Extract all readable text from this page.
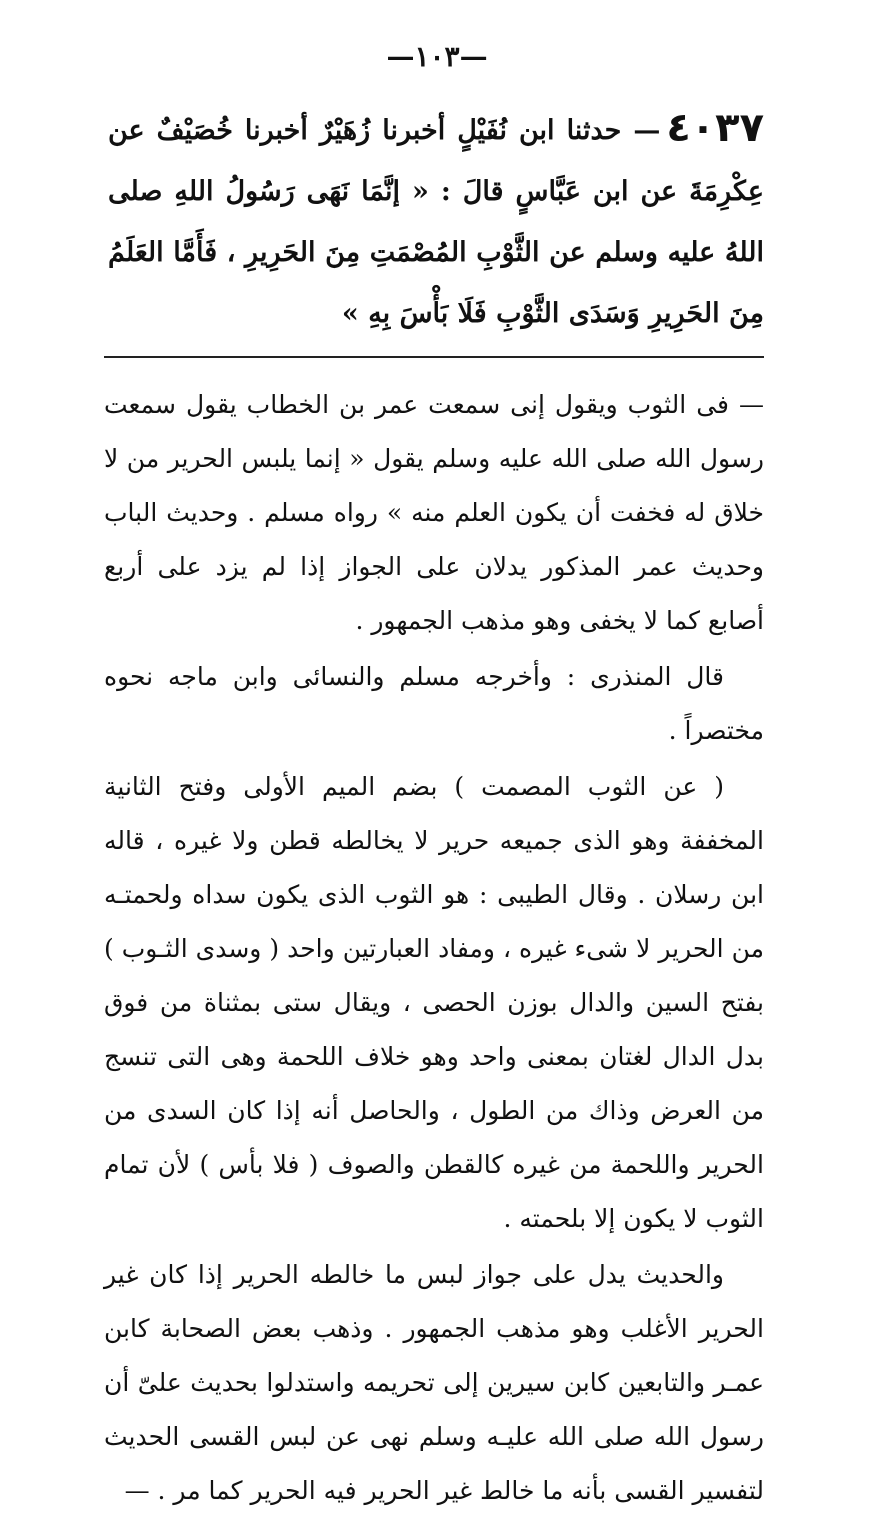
—١٠٣—
٤٠٣٧— حدثنا ابن نُفَيْلٍ أخبرنا زُهَيْرٌ أخبرنا خُصَيْفٌ عن عِكْرِمَةَ عن ابن عَبَّاسٍ قالَ : « إنَّمَا نَهَى رَسُولُ اللهِ صلى اللهُ عليه وسلم عن الثَّوْبِ المُصْمَتِ مِنَ الحَرِيرِ ، فَأَمَّا العَلَمُ مِنَ الحَرِيرِ وَسَدَى الثَّوْبِ فَلَا بَأْسَ بِهِ »

— فى الثوب ويقول إنى سمعت عمر بن الخطاب يقول سمعت رسول الله صلى الله عليه وسلم يقول « إنما يلبس الحرير من لا خلاق له فخفت أن يكون العلم منه » رواه مسلم . وحديث الباب وحديث عمر المذكور يدلان على الجواز إذا لم يزد على أربع أصابع كما لا يخفى وهو مذهب الجمهور .

قال المنذرى : وأخرجه مسلم والنسائى وابن ماجه نحوه مختصراً .

( عن الثوب المصمت ) بضم الميم الأولى وفتح الثانية المخففة وهو الذى جميعه حرير لا يخالطه قطن ولا غيره ، قاله ابن رسلان . وقال الطيبى : هو الثوب الذى يكون سداه ولحمتـه من الحرير لا شىء غيره ، ومفاد العبارتين واحد ( وسدى الثـوب ) بفتح السين والدال بوزن الحصى ، ويقال ستى بمثناة من فوق بدل الدال لغتان بمعنى واحد وهو خلاف اللحمة وهى التى تنسج من العرض وذاك من الطول ، والحاصل أنه إذا كان السدى من الحرير واللحمة من غيره كالقطن والصوف ( فلا بأس ) لأن تمام الثوب لا يكون إلا بلحمته .

والحديث يدل على جواز لبس ما خالطه الحرير إذا كان غير الحرير الأغلب وهو مذهب الجمهور . وذهب بعض الصحابة كابن عمـر والتابعين كابن سيرين إلى تحريمه واستدلوا بحديث علىّ أن رسول الله صلى الله عليـه وسلم نهى عن لبس القسى الحديث لتفسير القسى بأنه ما خالط غير الحرير فيه الحرير كما مر . —
